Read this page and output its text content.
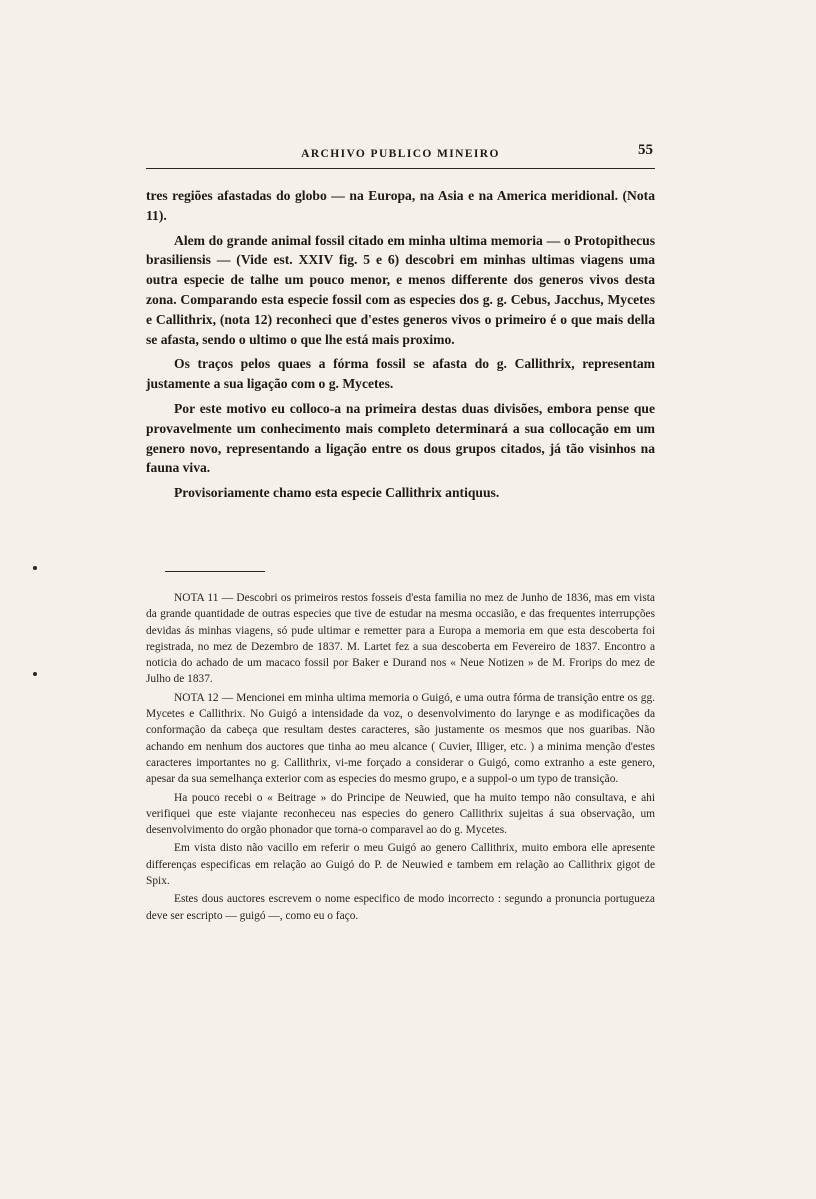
ARCHIVO PUBLICO MINEIRO	55

tres regiões afastadas do globo — na Europa, na Asia e na America meridional. (Nota 11).

Alem do grande animal fossil citado em minha ultima memoria — o Protopithecus brasiliensis — (Vide est. XXIV fig. 5 e 6) descobri em minhas ultimas viagens uma outra especie de talhe um pouco menor, e menos differente dos generos vivos desta zona. Comparando esta especie fossil com as especies dos g. g. Cebus, Jacchus, Mycetes e Callithrix, (nota 12) reconheci que d'estes generos vivos o primeiro é o que mais della se afasta, sendo o ultimo o que lhe está mais proximo.

Os traços pelos quaes a fórma fossil se afasta do g. Callithrix, representam justamente a sua ligação com o g. Mycetes.

Por este motivo eu colloco-a na primeira destas duas divisões, embora pense que provavelmente um conhecimento mais completo determinará a sua collocação em um genero novo, representando a ligação entre os dous grupos citados, já tão visinhos na fauna viva.

Provisoriamente chamo esta especie Callithrix antiquus.

NOTA 11 — Descobri os primeiros restos fosseis d'esta familia no mez de Junho de 1836, mas em vista da grande quantidade de outras especies que tive de estudar na mesma occasião, e das frequentes interrupções devidas ás minhas viagens, só pude ultimar e remetter para a Europa a memoria em que esta descoberta foi registrada, no mez de Dezembro de 1837. M. Lartet fez a sua descoberta em Fevereiro de 1837. Encontro a noticia do achado de um macaco fossil por Baker e Durand nos « Neue Notizen » de M. Frorips do mez de Julho de 1837.

NOTA 12 — Mencionei em minha ultima memoria o Guigó, e uma outra fórma de transição entre os gg. Mycetes e Callithrix. No Guigó a intensidade da voz, o desenvolvimento do larynge e as modificações da conformação da cabeça que resultam destes caracteres, são justamente os mesmos que nos guaribas. Não achando em nenhum dos auctores que tinha ao meu alcance ( Cuvier, Illiger, etc. ) a minima menção d'estes caracteres importantes no g. Callithrix, vi-me forçado a considerar o Guigó, como extranho a este genero, apesar da sua semelhança exterior com as especies do mesmo grupo, e a suppol-o um typo de transição.

Ha pouco recebi o « Beitrage » do Principe de Neuwied, que ha muito tempo não consultava, e ahi verifiquei que este viajante reconheceu nas especies do genero Callithrix sujeitas á sua observação, um desenvolvimento do orgão phonador que torna-o comparavel ao do g. Mycetes.

Em vista disto não vacillo em referir o meu Guigó ao genero Callithrix, muito embora elle apresente differenças especificas em relação ao Guigó do P. de Neuwied e tambem em relação ao Callithrix gigot de Spix.

Estes dous auctores escrevem o nome especifico de modo incorrecto : segundo a pronuncia portugueza deve ser escripto — guigó —, como eu o faço.
